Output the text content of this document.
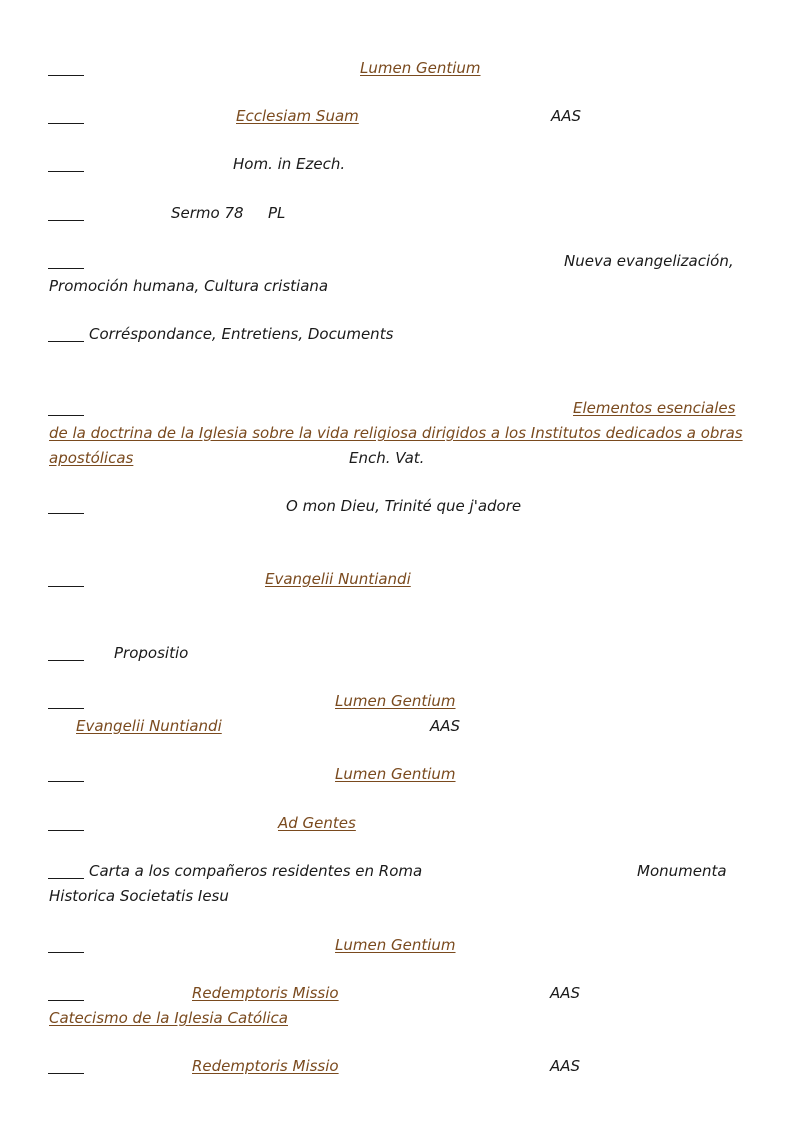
Lumen Gentium
Ecclesiam Suam	AAS
Hom. in Ezech.
Sermo 78 PL
Nueva evangelización,
Promoción humana, Cultura cristiana
Corréspondance, Entretiens, Documents
Elementos esenciales
de la doctrina de la Iglesia sobre la vida religiosa dirigidos a los Institutos dedicados a obras
apostólicas	Ench. Vat.
O mon Dieu, Trinité que j'adore
Evangelii Nuntiandi
Propositio
Lumen Gentium
Evangelii Nuntiandi	AAS
Lumen Gentium
Ad Gentes
Carta a los compañeros residentes en Roma	Monumenta
Historica Societatis Iesu
Lumen Gentium
Redemptoris Missio	AAS
Catecismo de la Iglesia Católica
Redemptoris Missio	AAS
